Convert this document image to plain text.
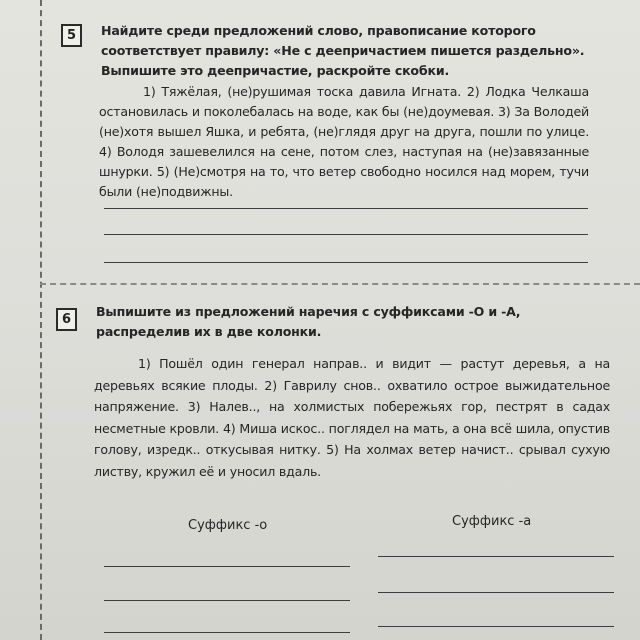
5	Найдите среди предложений слово, правописание которого соответствует правилу: «Не с деепричастием пишется раздельно». Выпишите это деепричастие, раскройте скобки.

1) Тяжёлая, (не)рушимая тоска давила Игната. 2) Лодка Челкаша остановилась и поколебалась на воде, как бы (не)доумевая. 3) За Володей (не)хотя вышел Яшка, и ребята, (не)глядя друг на друга, пошли по улице. 4) Володя зашевелился на сене, потом слез, наступая на (не)завязанные шнурки. 5) (Не)смотря на то, что ветер свободно носился над морем, тучи были (не)подвижны.

6

Выпишите из предложений наречия с суффиксами -О и -А, распределив их в две колонки.

1) Пошёл один генерал направ.. и видит — растут деревья, а на деревьях всякие плоды. 2) Гаврилу снов.. охватило острое выжидательное напряжение. 3) Налев.., на холмистых побережьях гор, пестрят в садах несметные кровли. 4) Миша искос.. поглядел на мать, а она всё шила, опустив голову, изредк.. откусывая нитку. 5) На холмах ветер начист.. срывал сухую листву, кружил её и уносил вдаль.

Суффикс -о	Суффикс -а
